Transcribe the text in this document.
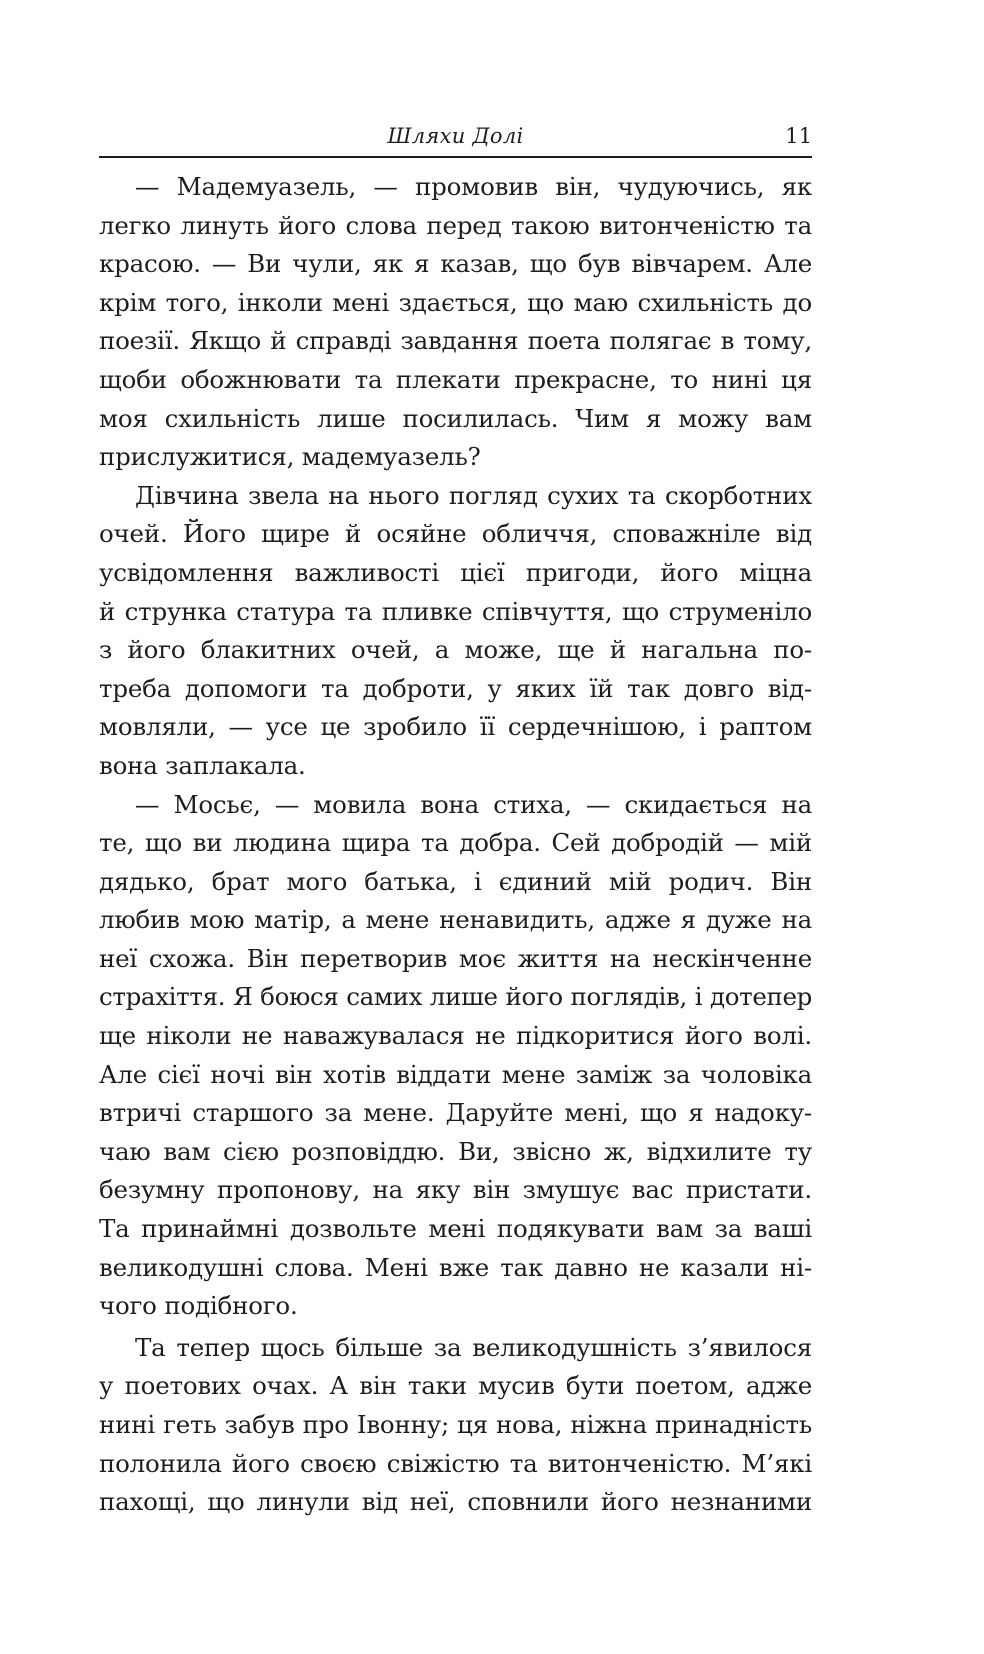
Шляхи Долі	11
— Мадемуазель, — промовив він, чудуючись, як
легко линуть його слова перед такою витонченістю та
красою. — Ви чули, як я казав, що був вівчарем. Але
крім того, інколи мені здається, що маю схильність до
поезії. Якщо й справді завдання поета полягає в тому,
щоби обожнювати та плекати прекрасне, то нині ця
моя схильність лише посилилась. Чим я можу вам
прислужитися, мадемуазель?
Дівчина звела на нього погляд сухих та скорботних
очей. Його щире й осяйне обличчя, споважніле від
усвідомлення важливості цієї пригоди, його міцна
й струнка статура та пливке співчуття, що струменіло
з його блакитних очей, а може, ще й нагальна по-
треба допомоги та доброти, у яких їй так довго від-
мовляли, — усе це зробило її сердечнішою, і раптом
вона заплакала.
— Мосьє, — мовила вона стиха, — скидається на
те, що ви людина щира та добра. Сей добродій — мій
дядько, брат мого батька, і єдиний мій родич. Він
любив мою матір, а мене ненавидить, адже я дуже на
неї схожа. Він перетворив моє життя на нескінченне
страхіття. Я боюся самих лише його поглядів, і дотепер
ще ніколи не наважувалася не підкоритися його волі.
Але сієї ночі він хотів віддати мене заміж за чоловіка
втричі старшого за мене. Даруйте мені, що я надоку-
чаю вам сією розповіддю. Ви, звісно ж, відхилите ту
безумну пропонову, на яку він змушує вас пристати.
Та принаймні дозвольте мені подякувати вам за ваші
великодушні слова. Мені вже так давно не казали ні-
чого подібного.
Та тепер щось більше за великодушність з’явилося
у поетових очах. А він таки мусив бути поетом, адже
нині геть забув про Івонну; ця нова, ніжна принадність
полонила його своєю свіжістю та витонченістю. М’які
пахощі, що линули від неї, сповнили його незнаними
